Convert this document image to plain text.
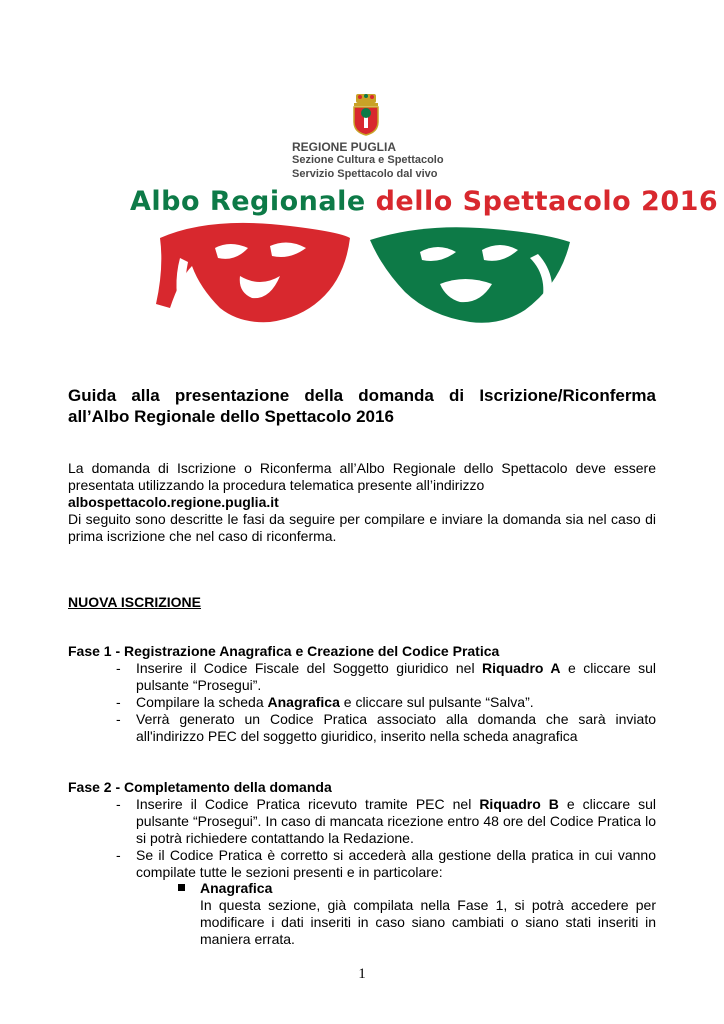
REGIONE PUGLIA
Sezione Cultura e Spettacolo
Servizio Spettacolo dal vivo
Albo Regionale dello Spettacolo 2016
Guida alla presentazione della domanda di Iscrizione/Riconferma all’Albo Regionale dello Spettacolo 2016
La domanda di Iscrizione o Riconferma all’Albo Regionale dello Spettacolo deve essere presentata utilizzando la procedura telematica presente all’indirizzo
albospettacolo.regione.puglia.it
Di seguito sono descritte le fasi da seguire per compilare e inviare la domanda sia nel caso di prima iscrizione che nel caso di riconferma.
NUOVA ISCRIZIONE
Fase 1 - Registrazione Anagrafica e Creazione del Codice Pratica
- Inserire il Codice Fiscale del Soggetto giuridico nel Riquadro A e cliccare sul pulsante “Prosegui”.
- Compilare la scheda Anagrafica e cliccare sul pulsante “Salva”.
- Verrà generato un Codice Pratica associato alla domanda che sarà inviato all'indirizzo PEC del soggetto giuridico, inserito nella scheda anagrafica
Fase 2 - Completamento della domanda
- Inserire il Codice Pratica ricevuto tramite PEC nel Riquadro B e cliccare sul pulsante “Prosegui”. In caso di mancata ricezione entro 48 ore del Codice Pratica lo si potrà richiedere contattando la Redazione.
- Se il Codice Pratica è corretto si accederà alla gestione della pratica in cui vanno compilate tutte le sezioni presenti e in particolare:
Anagrafica
In questa sezione, già compilata nella Fase 1, si potrà accedere per modificare i dati inseriti in caso siano cambiati o siano stati inseriti in maniera errata.
1
